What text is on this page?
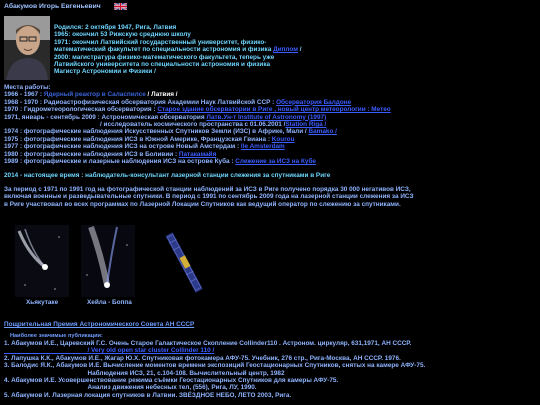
Абакумов Игорь Евгеньевич
Родился: 2 октября 1947, Рига, Латвия
1965: окончил 53 Рижскую среднюю школу
1971: окончил Латвийский государственный университет, физико-
математический факультет по специальности астрономия и физика Диплом /
2000: магистратура физико-математического факультета, теперь уже
Латвийского университета по специальности астрономия и физика
Магистр Астрономии и Физики /
Места работы:
1966 - 1967 : Ядерный реактор в Саласпилсе / Латвия /
1968 - 1970 : Радиоастрофизическая обсерватория Академии Наук Латвийской ССР : Обсерватория Балдоне
1970 : Гидрометеорологическая обсерватория : Старое здание обсерватории в Риге , новый центр метеорологии : Метео
1971, январь - сентябрь 2009 : Астрономическая обсерватория Латв.Ун-т Institute of Astronomy (1997)
/ исследователь космического пространства с 01.06.2001 /Station Riga /
1974 : фотографические наблюдения Искусственных Спутников Земли (ИЗС) в Африке, Мали / Bamako /
1975 : фотографические наблюдения ИСЗ в Южной Америке, Французская Гвиана : Kourou
1977 : фотографические наблюдения ИСЗ на острове Новый Амстердам : Ile Amsterdam
1980 : фотографические наблюдения ИСЗ в Боливии : Патакамайя
1989 : фотографические и лазерные наблюдения ИСЗ на острове Куба : Слежение за ИСЗ на Кубе
2014 - настоящее время : наблюдатель-консультант лазерной станции слежения за спутниками в Риге
За период с 1971 по 1991 год на фотографической станции наблюдений за ИСЗ в Риге получено порядка 30 000 негативов ИСЗ,
включая военные и разведывательные спутники. В период с 1991 по сентябрь 2009 года на лазерной станции слежения за ИСЗ
в Риге участвовал во всех программах по Лазерной Локации Спутников как ведущий оператор по слежению за спутниками.
Хьякутаке	Хейла - Боппа
Пощрительная Премия Астрономического Совета АН СССР
Наиболее значимые публикации:
1. Абакумов И.Е., Царевский Г.С. Очень Старое Галактическое Скопление Collinder110 . Астроном. циркуляр, 631,1971, АН СССР.
/ Very old open star cluster Collinder 110 /
2. Лапушка К.К., Абакумов И.Е., Жагар Ю.Х. Спутниковая фотокамера АФУ-75. Учебник, 276 стр., Рига-Москва, АН СССР. 1976.
3. Балодис Я.К., Абакумов И.Е. Вычисление моментов времени экспозиций Геостационарных Спутников, снятых на камере АФУ-75.
Наблюдения ИСЗ, 21, с.104-108. Вычислительный центр, 1982
4. Абакумов И.Е. Усовершенствование режима съёмки Геостационарных Спутников для камеры АФУ-75.
Анализ движения небесных тел, (556), Рига, ЛУ, 1990.
5. Абакумов И. Лазерная локация спутников в Латвии. ЗВЁЗДНОЕ НЕБО, ЛЕТО 2003, Рига.
